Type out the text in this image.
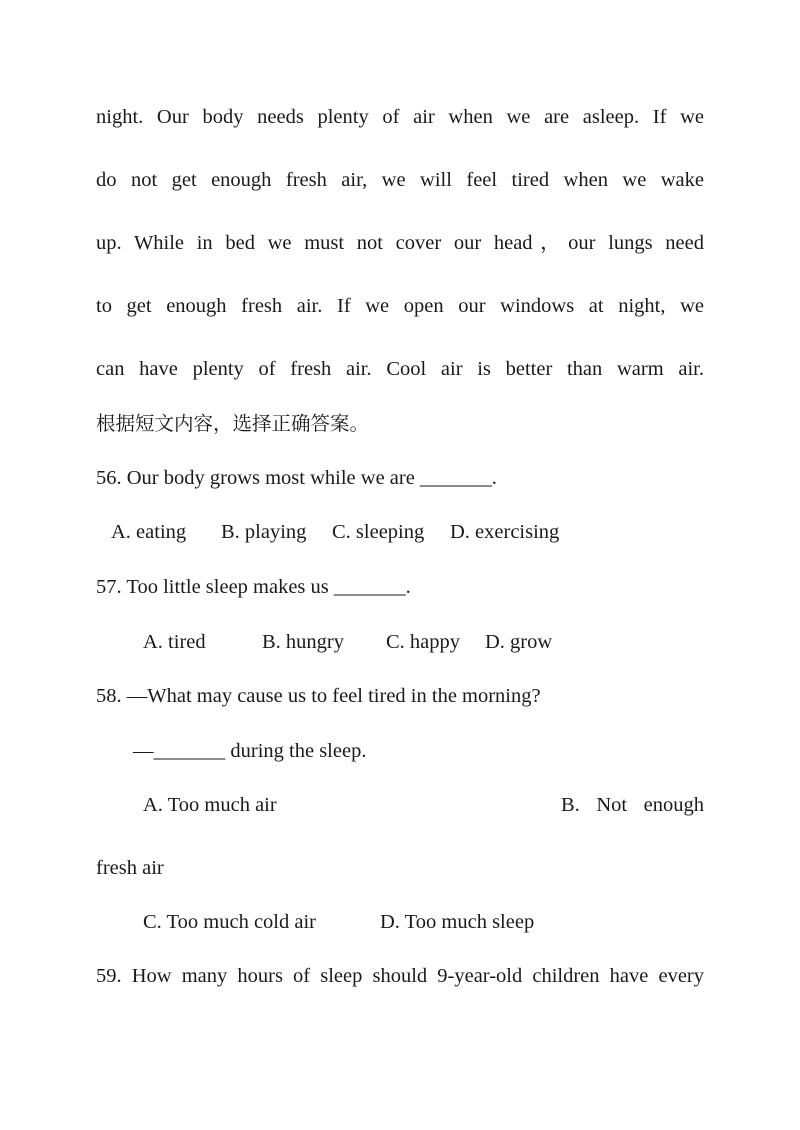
night. Our body needs plenty of air when we are asleep. If we
do not get enough fresh air, we will feel tired when we wake
up. While in bed we must not cover our head，our lungs need
to get enough fresh air. If we open our windows at night, we
can have plenty of fresh air. Cool air is better than warm air.
根据短文内容，选择正确答案。
56. Our body grows most while we are _______.
A. eating B. playing C. sleeping D. exercising
57. Too little sleep makes us _______.
A. tired	B. hungry C. happy D. grow
58. —What may cause us to feel tired in the morning?
—_______ during the sleep.
A. Too much air	B. Not enough
fresh air
C. Too much cold air	D. Too much sleep
59. How many hours of sleep should 9-year-old children have every
